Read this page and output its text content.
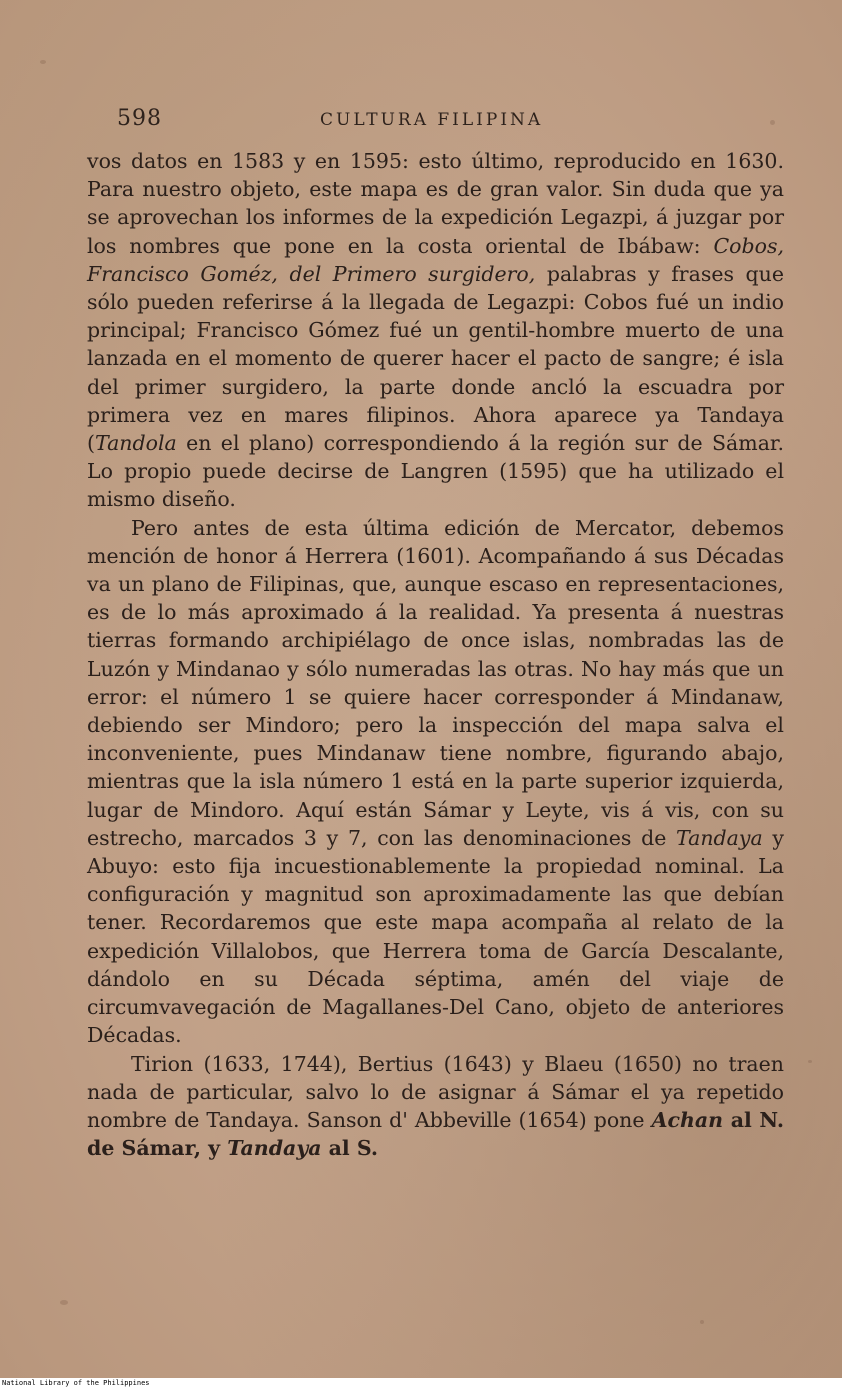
598	CULTURA FILIPINA

vos datos en 1583 y en 1595: esto último, reproducido en 1630. Para nuestro objeto, este mapa es de gran valor. Sin duda que ya se aprovechan los informes de la expedición Legazpi, á juzgar por los nombres que pone en la costa oriental de Ibábaw: Cobos, Francisco Goméz, del Primero surgidero, palabras y frases que sólo pueden referirse á la llegada de Legazpi: Cobos fué un indio principal; Francisco Gómez fué un gentil-hombre muerto de una lanzada en el momento de querer hacer el pacto de sangre; é isla del primer surgidero, la parte donde ancló la escuadra por primera vez en mares filipinos. Ahora aparece ya Tandaya (Tandola en el plano) correspondiendo á la región sur de Sámar. Lo propio puede decirse de Langren (1595) que ha utilizado el mismo diseño.

Pero antes de esta última edición de Mercator, debemos mención de honor á Herrera (1601). Acompañando á sus Décadas va un plano de Filipinas, que, aunque escaso en representaciones, es de lo más aproximado á la realidad. Ya presenta á nuestras tierras formando archipiélago de once islas, nombradas las de Luzón y Mindanao y sólo numeradas las otras. No hay más que un error: el número 1 se quiere hacer corresponder á Mindanaw, debiendo ser Mindoro; pero la inspección del mapa salva el inconveniente, pues Mindanaw tiene nombre, figurando abajo, mientras que la isla número 1 está en la parte superior izquierda, lugar de Mindoro. Aquí están Sámar y Leyte, vis á vis, con su estrecho, marcados 3 y 7, con las denominaciones de Tandaya y Abuyo: esto fija incuestionablemente la propiedad nominal. La configuración y magnitud son aproximadamente las que debían tener. Recordaremos que este mapa acompaña al relato de la expedición Villalobos, que Herrera toma de García Descalante, dándolo en su Década séptima, amén del viaje de circumvavegación de Magallanes-Del Cano, objeto de anteriores Décadas.

Tirion (1633, 1744), Bertius (1643) y Blaeu (1650) no traen nada de particular, salvo lo de asignar á Sámar el ya repetido nombre de Tandaya. Sanson d' Abbeville (1654) pone Achan al N. de Sámar, y Tandaya al S.

National Library of the Philippines
